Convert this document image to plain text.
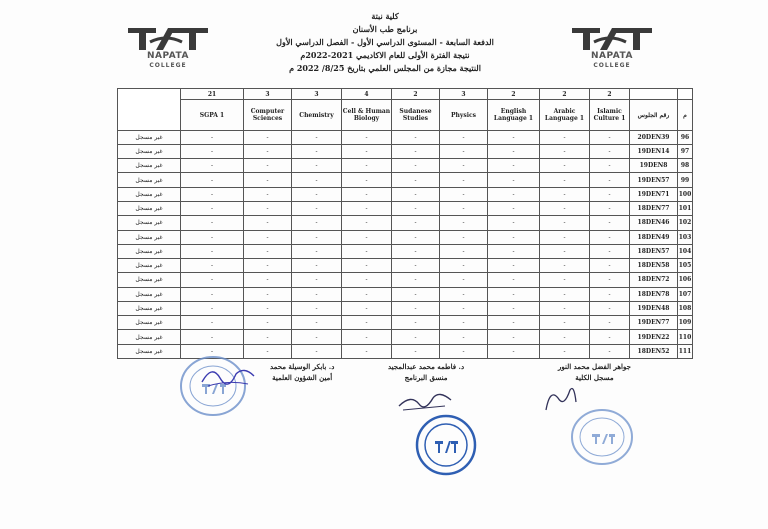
NAPATA
COLLEGE
NAPATA
COLLEGE
كلية نبتة
برنامج طب الأسنان
الدفعة السابعة - المستوى الدراسي الأول - الفصل الدراسي الأول
نتيجة الفترة الأولى للعام الاكاديمي 2021-2022م
النتيجة مجازة من المجلس العلمي بتاريخ 8/25/ 2022 م
	21	3	3	4	2	3	2	2	2		
	SGPA 1	Computer Sciences	Chemistry	Cell & Human Biology	Sudanese Studies	Physics	English Language 1	Arabic Language 1	Islamic Culture 1	رقم الجلوس	م
غير مسجل	-	-	-	-	-	-	-	-	-	20DEN39	96
غير مسجل	-	-	-	-	-	-	-	-	-	19DEN14	97
غير مسجل	-	-	-	-	-	-	-	-	-	19DEN8	98
غير مسجل	-	-	-	-	-	-	-	-	-	19DEN57	99
غير مسجل	-	-	-	-	-	-	-	-	-	19DEN71	100
غير مسجل	-	-	-	-	-	-	-	-	-	18DEN77	101
غير مسجل	-	-	-	-	-	-	-	-	-	18DEN46	102
غير مسجل	-	-	-	-	-	-	-	-	-	18DEN49	103
غير مسجل	-	-	-	-	-	-	-	-	-	18DEN57	104
غير مسجل	-	-	-	-	-	-	-	-	-	18DEN58	105
غير مسجل	-	-	-	-	-	-	-	-	-	18DEN72	106
غير مسجل	-	-	-	-	-	-	-	-	-	18DEN78	107
غير مسجل	-	-	-	-	-	-	-	-	-	19DEN48	108
غير مسجل	-	-	-	-	-	-	-	-	-	19DEN77	109
غير مسجل	-	-	-	-	-	-	-	-	-	19DEN22	110
غير مسجل	-	-	-	-	-	-	-	-	-	18DEN52	111
د. بابكر الوسيلة محمد
أمين الشؤون العلمية
د. فاطمه محمد عبدالمجيد
منسق البرنامج
جواهر الفضل محمد النور
مسجل الكلية
